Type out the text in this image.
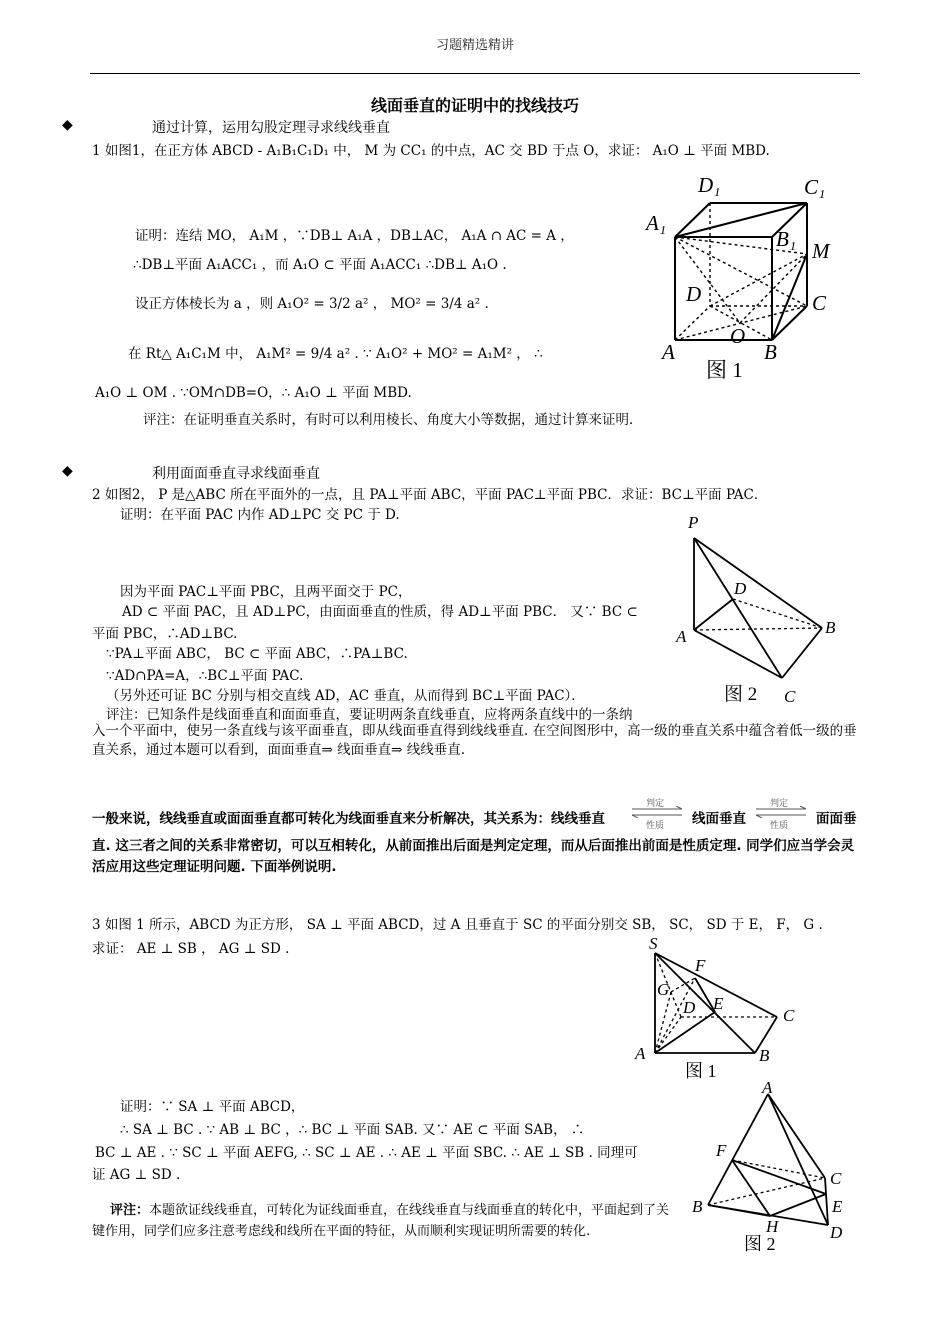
习题精选精讲
线面垂直的证明中的找线技巧
◆	通过计算，运用勾股定理寻求线线垂直
1 如图1，在正方体 ABCD - A₁B₁C₁D₁ 中， M 为 CC₁ 的中点，AC 交 BD 于点 O，求证： A₁O ⊥ 平面 MBD.
证明：连结 MO， A₁M ，∵DB⊥ A₁A ，DB⊥AC， A₁A ∩ AC = A ，
∴DB⊥平面 A₁ACC₁ ，而 A₁O ⊂ 平面 A₁ACC₁ ∴DB⊥ A₁O .
设正方体棱长为 a ，则 A₁O² = 3/2 a² ， MO² = 3/4 a² .
在 Rt△ A₁C₁M 中， A₁M² = 9/4 a² . ∵ A₁O² + MO² = A₁M² ， ∴
A₁O ⊥ OM . ∵OM∩DB=O，∴ A₁O ⊥ 平面 MBD.
评注：在证明垂直关系时，有时可以利用棱长、角度大小等数据，通过计算来证明．
D₁	C₁
A₁
B₁ M
D	C
O
A	B
图 1
◆	利用面面垂直寻求线面垂直
2 如图2， P 是△ABC 所在平面外的一点，且 PA⊥平面 ABC，平面 PAC⊥平面 PBC．求证：BC⊥平面 PAC．
证明：在平面 PAC 内作 AD⊥PC 交 PC 于 D.
因为平面 PAC⊥平面 PBC，且两平面交于 PC，
AD ⊂ 平面 PAC，且 AD⊥PC，由面面垂直的性质，得 AD⊥平面 PBC． 又∵ BC ⊂
平面 PBC，∴AD⊥BC.
∵PA⊥平面 ABC， BC ⊂ 平面 ABC，∴PA⊥BC.
∵AD∩PA=A，∴BC⊥平面 PAC.
（另外还可证 BC 分别与相交直线 AD，AC 垂直，从而得到 BC⊥平面 PAC）．
评注：已知条件是线面垂直和面面垂直，要证明两条直线垂直，应将两条直线中的一条纳
入一个平面中，使另一条直线与该平面垂直，即从线面垂直得到线线垂直. 在空间图形中，高一级的垂直关系中蕴含着低一级的垂直关系，通过本题可以看到，面面垂直⇒ 线面垂直⇒ 线线垂直.
P
D
A	B
C
图 2
一般来说，线线垂直或面面垂直都可转化为线面垂直来分析解决，其关系为：线线垂直
判定
性质 线面垂直
判定
性质 面面垂
直. 这三者之间的关系非常密切，可以互相转化，从前面推出后面是判定定理，而从后面推出前面是性质定理. 同学们应当学会灵活应用这些定理证明问题. 下面举例说明.
3 如图 1 所示，ABCD 为正方形， SA ⊥ 平面 ABCD，过 A 且垂直于 SC 的平面分别交 SB， SC， SD 于 E， F， G .
求证： AE ⊥ SB ， AG ⊥ SD .	S
F
G
D E
C
A	B
图 1
证明：∵ SA ⊥ 平面 ABCD，
∴ SA ⊥ BC . ∵ AB ⊥ BC ，∴ BC ⊥ 平面 SAB. 又∵ AE ⊂ 平面 SAB， ∴
BC ⊥ AE . ∵ SC ⊥ 平面 AEFG, ∴ SC ⊥ AE . ∴ AE ⊥ 平面 SBC. ∴ AE ⊥ SB . 同理可
证 AG ⊥ SD .
评注：本题欲证线线垂直，可转化为证线面垂直，在线线垂直与线面垂直的转化中，平面起到了关键作用，同学们应多注意考虑线和线所在平面的特征，从而顺利实现证明所需要的转化.
A
F
C
E
B
H	D
图 2
